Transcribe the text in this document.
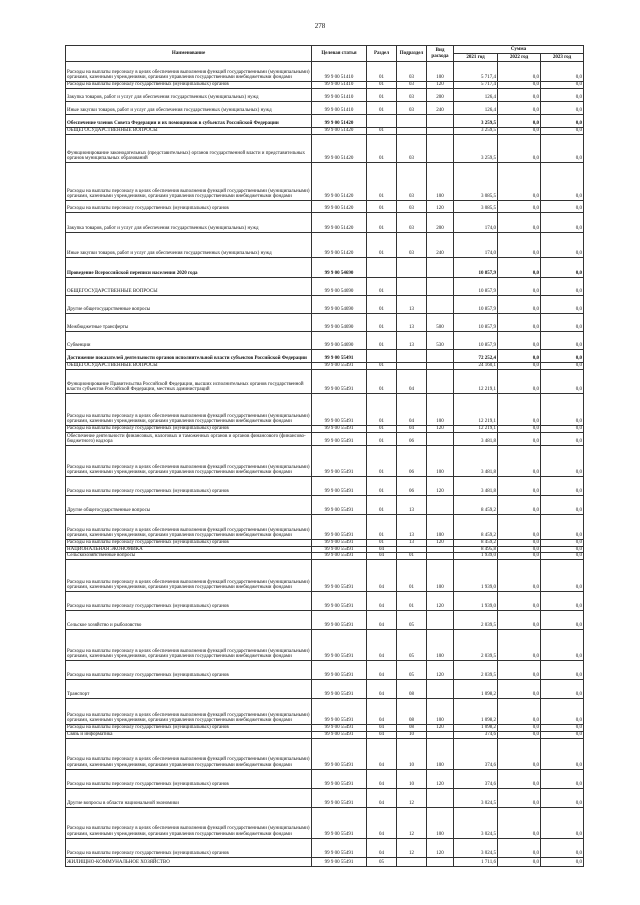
278
Наименование	Целевая статья	Раздел	Подраздел	Вид расхода	Сумма		
					2021 год	2022 год	2023 год
Расходы на выплаты персоналу в целях обеспечения выполнения функций государственными (муниципальными) органами, казенными учреждениями, органами управления государственными внебюджетными фондами	99 9 00 51410	01	03	100	5 717,4	0,0	0,0
Расходы на выплаты персоналу государственных (муниципальных) органов	99 9 00 51410	01	03	120	5 717,4	0,0	0,0
Закупка товаров, работ и услуг для обеспечения государственных (муниципальных) нужд	99 9 00 51410	01	03	200	126,4	0,0	0,0
Иные закупки товаров, работ и услуг для обеспечения государственных (муниципальных) нужд	99 9 00 51410	01	03	240	126,4	0,0	0,0
Обеспечение членов Совета Федерации и их помощников в субъектах Российской Федерации	99 9 00 51420				3 259,5	0,0	0,0
ОБЩЕГОСУДАРСТВЕННЫЕ ВОПРОСЫ	99 9 00 51420	01			3 259,5	0,0	0,0
Функционирование законодательных (представительных) органов государственной власти и представительных органов муниципальных образований	99 9 00 51420	01	03		3 259,5	0,0	0,0
Расходы на выплаты персоналу в целях обеспечения выполнения функций государственными (муниципальными) органами, казенными учреждениями, органами управления государственными внебюджетными фондами	99 9 00 51420	01	03	100	3 085,5	0,0	0,0
Расходы на выплаты персоналу государственных (муниципальных) органов	99 9 00 51420	01	03	120	3 085,5	0,0	0,0
Закупка товаров, работ и услуг для обеспечения государственных (муниципальных) нужд	99 9 00 51420	01	03	200	174,0	0,0	0,0
Иные закупки товаров, работ и услуг для обеспечения государственных (муниципальных) нужд	99 9 00 51420	01	03	240	174,0	0,0	0,0
Проведение Всероссийской переписи населения 2020 года	99 9 00 54690				10 857,9	0,0	0,0
ОБЩЕГОСУДАРСТВЕННЫЕ ВОПРОСЫ	99 9 00 54690	01			10 857,9	0,0	0,0
Другие общегосударственные вопросы	99 9 00 54690	01	13		10 857,9	0,0	0,0
Межбюджетные трансферты	99 9 00 54690	01	13	500	10 857,9	0,0	0,0
Субвенции	99 9 00 54690	01	13	530	10 857,9	0,0	0,0
Достижение показателей деятельности органов исполнительной власти субъектов Российской Федерации	99 9 00 55491				72 252,4	0,0	0,0
ОБЩЕГОСУДАРСТВЕННЫЕ ВОПРОСЫ	99 9 00 55491	01			24 160,1	0,0	0,0
Функционирование Правительства Российской Федерации, высших исполнительных органов государственной власти субъектов Российской Федерации, местных администраций	99 9 00 55491	01	04		12 219,1	0,0	0,0
Расходы на выплаты персоналу в целях обеспечения выполнения функций государственными (муниципальными) органами, казенными учреждениями, органами управления государственными внебюджетными фондами	99 9 00 55491	01	04	100	12 219,1	0,0	0,0
Расходы на выплаты персоналу государственных (муниципальных) органов	99 9 00 55491	01	04	120	12 219,1	0,0	0,0
Обеспечение деятельности финансовых, налоговых и таможенных органов и органов финансового (финансово-бюджетного) надзора	99 9 00 55491	01	06		3 481,8	0,0	0,0
Расходы на выплаты персоналу в целях обеспечения выполнения функций государственными (муниципальными) органами, казенными учреждениями, органами управления государственными внебюджетными фондами	99 9 00 55491	01	06	100	3 481,8	0,0	0,0
Расходы на выплаты персоналу государственных (муниципальных) органов	99 9 00 55491	01	06	120	3 481,8	0,0	0,0
Другие общегосударственные вопросы	99 9 00 55491	01	13		8 459,2	0,0	0,0
Расходы на выплаты персоналу в целях обеспечения выполнения функций государственными (муниципальными) органами, казенными учреждениями, органами управления государственными внебюджетными фондами	99 9 00 55491	01	13	100	8 459,2	0,0	0,0
Расходы на выплаты персоналу государственных (муниципальных) органов	99 9 00 55491	01	13	120	8 459,2	0,0	0,0
НАЦИОНАЛЬНАЯ ЭКОНОМИКА	99 9 00 55491	04			8 495,8	0,0	0,0
Сельскохозяйственные вопросы	99 9 00 55491	04	01		1 939,0	0,0	0,0
Расходы на выплаты персоналу в целях обеспечения выполнения функций государственными (муниципальными) органами, казенными учреждениями, органами управления государственными внебюджетными фондами	99 9 00 55491	04	01	100	1 939,0	0,0	0,0
Расходы на выплаты персоналу государственных (муниципальных) органов	99 9 00 55491	04	01	120	1 939,0	0,0	0,0
Сельское хозяйство и рыболовство	99 9 00 55491	04	05		2 039,5	0,0	0,0
Расходы на выплаты персоналу в целях обеспечения выполнения функций государственными (муниципальными) органами, казенными учреждениями, органами управления государственными внебюджетными фондами	99 9 00 55491	04	05	100	2 039,5	0,0	0,0
Расходы на выплаты персоналу государственных (муниципальных) органов	99 9 00 55491	04	05	120	2 039,5	0,0	0,0
Транспорт	99 9 00 55491	04	08		1 098,2	0,0	0,0
Расходы на выплаты персоналу в целях обеспечения выполнения функций государственными (муниципальными) органами, казенными учреждениями, органами управления государственными внебюджетными фондами	99 9 00 55491	04	08	100	1 098,2	0,0	0,0
Расходы на выплаты персоналу государственных (муниципальных) органов	99 9 00 55491	04	08	120	1 098,2	0,0	0,0
Связь и информатика	99 9 00 55491	04	10		374,6	0,0	0,0
Расходы на выплаты персоналу в целях обеспечения выполнения функций государственными (муниципальными) органами, казенными учреждениями, органами управления государственными внебюджетными фондами	99 9 00 55491	04	10	100	374,6	0,0	0,0
Расходы на выплаты персоналу государственных (муниципальных) органов	99 9 00 55491	04	10	120	374,6	0,0	0,0
Другие вопросы в области национальной экономики	99 9 00 55491	04	12		3 024,5	0,0	0,0
Расходы на выплаты персоналу в целях обеспечения выполнения функций государственными (муниципальными) органами, казенными учреждениями, органами управления государственными внебюджетными фондами	99 9 00 55491	04	12	100	3 024,5	0,0	0,0
Расходы на выплаты персоналу государственных (муниципальных) органов	99 9 00 55491	04	12	120	3 024,5	0,0	0,0
ЖИЛИЩНО-КОММУНАЛЬНОЕ ХОЗЯЙСТВО	99 9 00 55491	05			1 711,6	0,0	0,0
